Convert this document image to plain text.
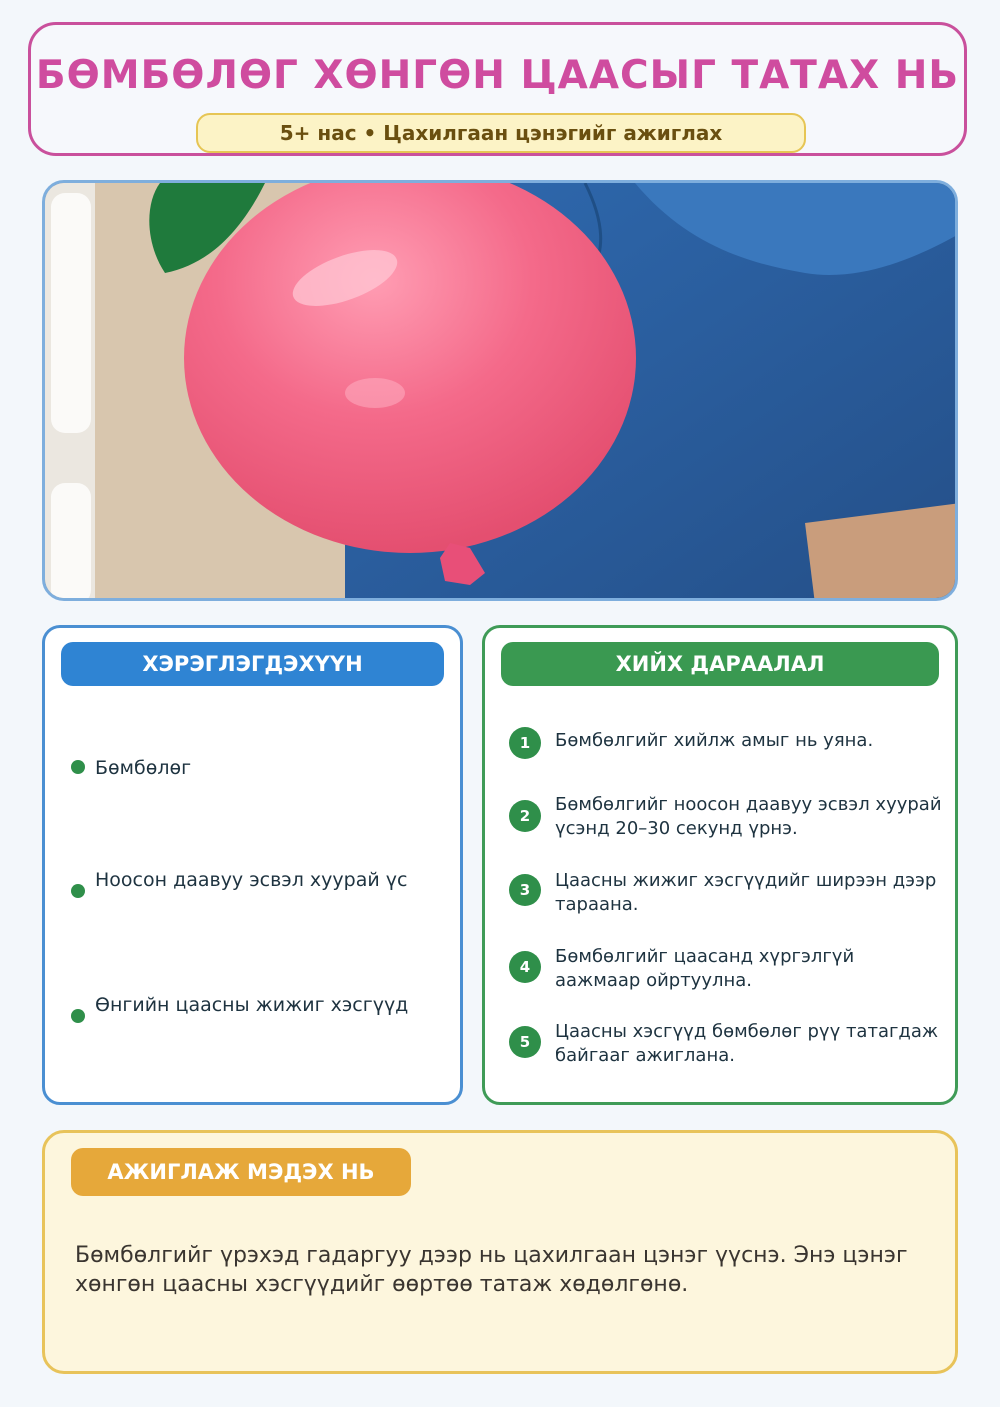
БӨМБӨЛӨГ ХӨНГӨН ЦААСЫГ ТАТАХ НЬ
5+ нас • Цахилгаан цэнэгийг ажиглах
ХЭРЭГЛЭГДЭХҮҮН
Бөмбөлөг
Ноосон даавуу эсвэл хуурай үс
Өнгийн цаасны жижиг хэсгүүд
ХИЙХ ДАРААЛАЛ
1	Бөмбөлгийг хийлж амыг нь уяна.
2
Бөмбөлгийг ноосон даавуу эсвэл хуурай үсэнд 20–30 секунд үрнэ.
3	Цаасны жижиг хэсгүүдийг ширээн дээр тараана.
4	Бөмбөлгийг цаасанд хүргэлгүй аажмаар ойртуулна.
5	Цаасны хэсгүүд бөмбөлөг рүү татагдаж байгааг ажиглана.
АЖИГЛАЖ МЭДЭХ НЬ
Бөмбөлгийг үрэхэд гадаргуу дээр нь цахилгаан цэнэг үүснэ. Энэ цэнэг хөнгөн цаасны хэсгүүдийг өөртөө татаж хөдөлгөнө.
